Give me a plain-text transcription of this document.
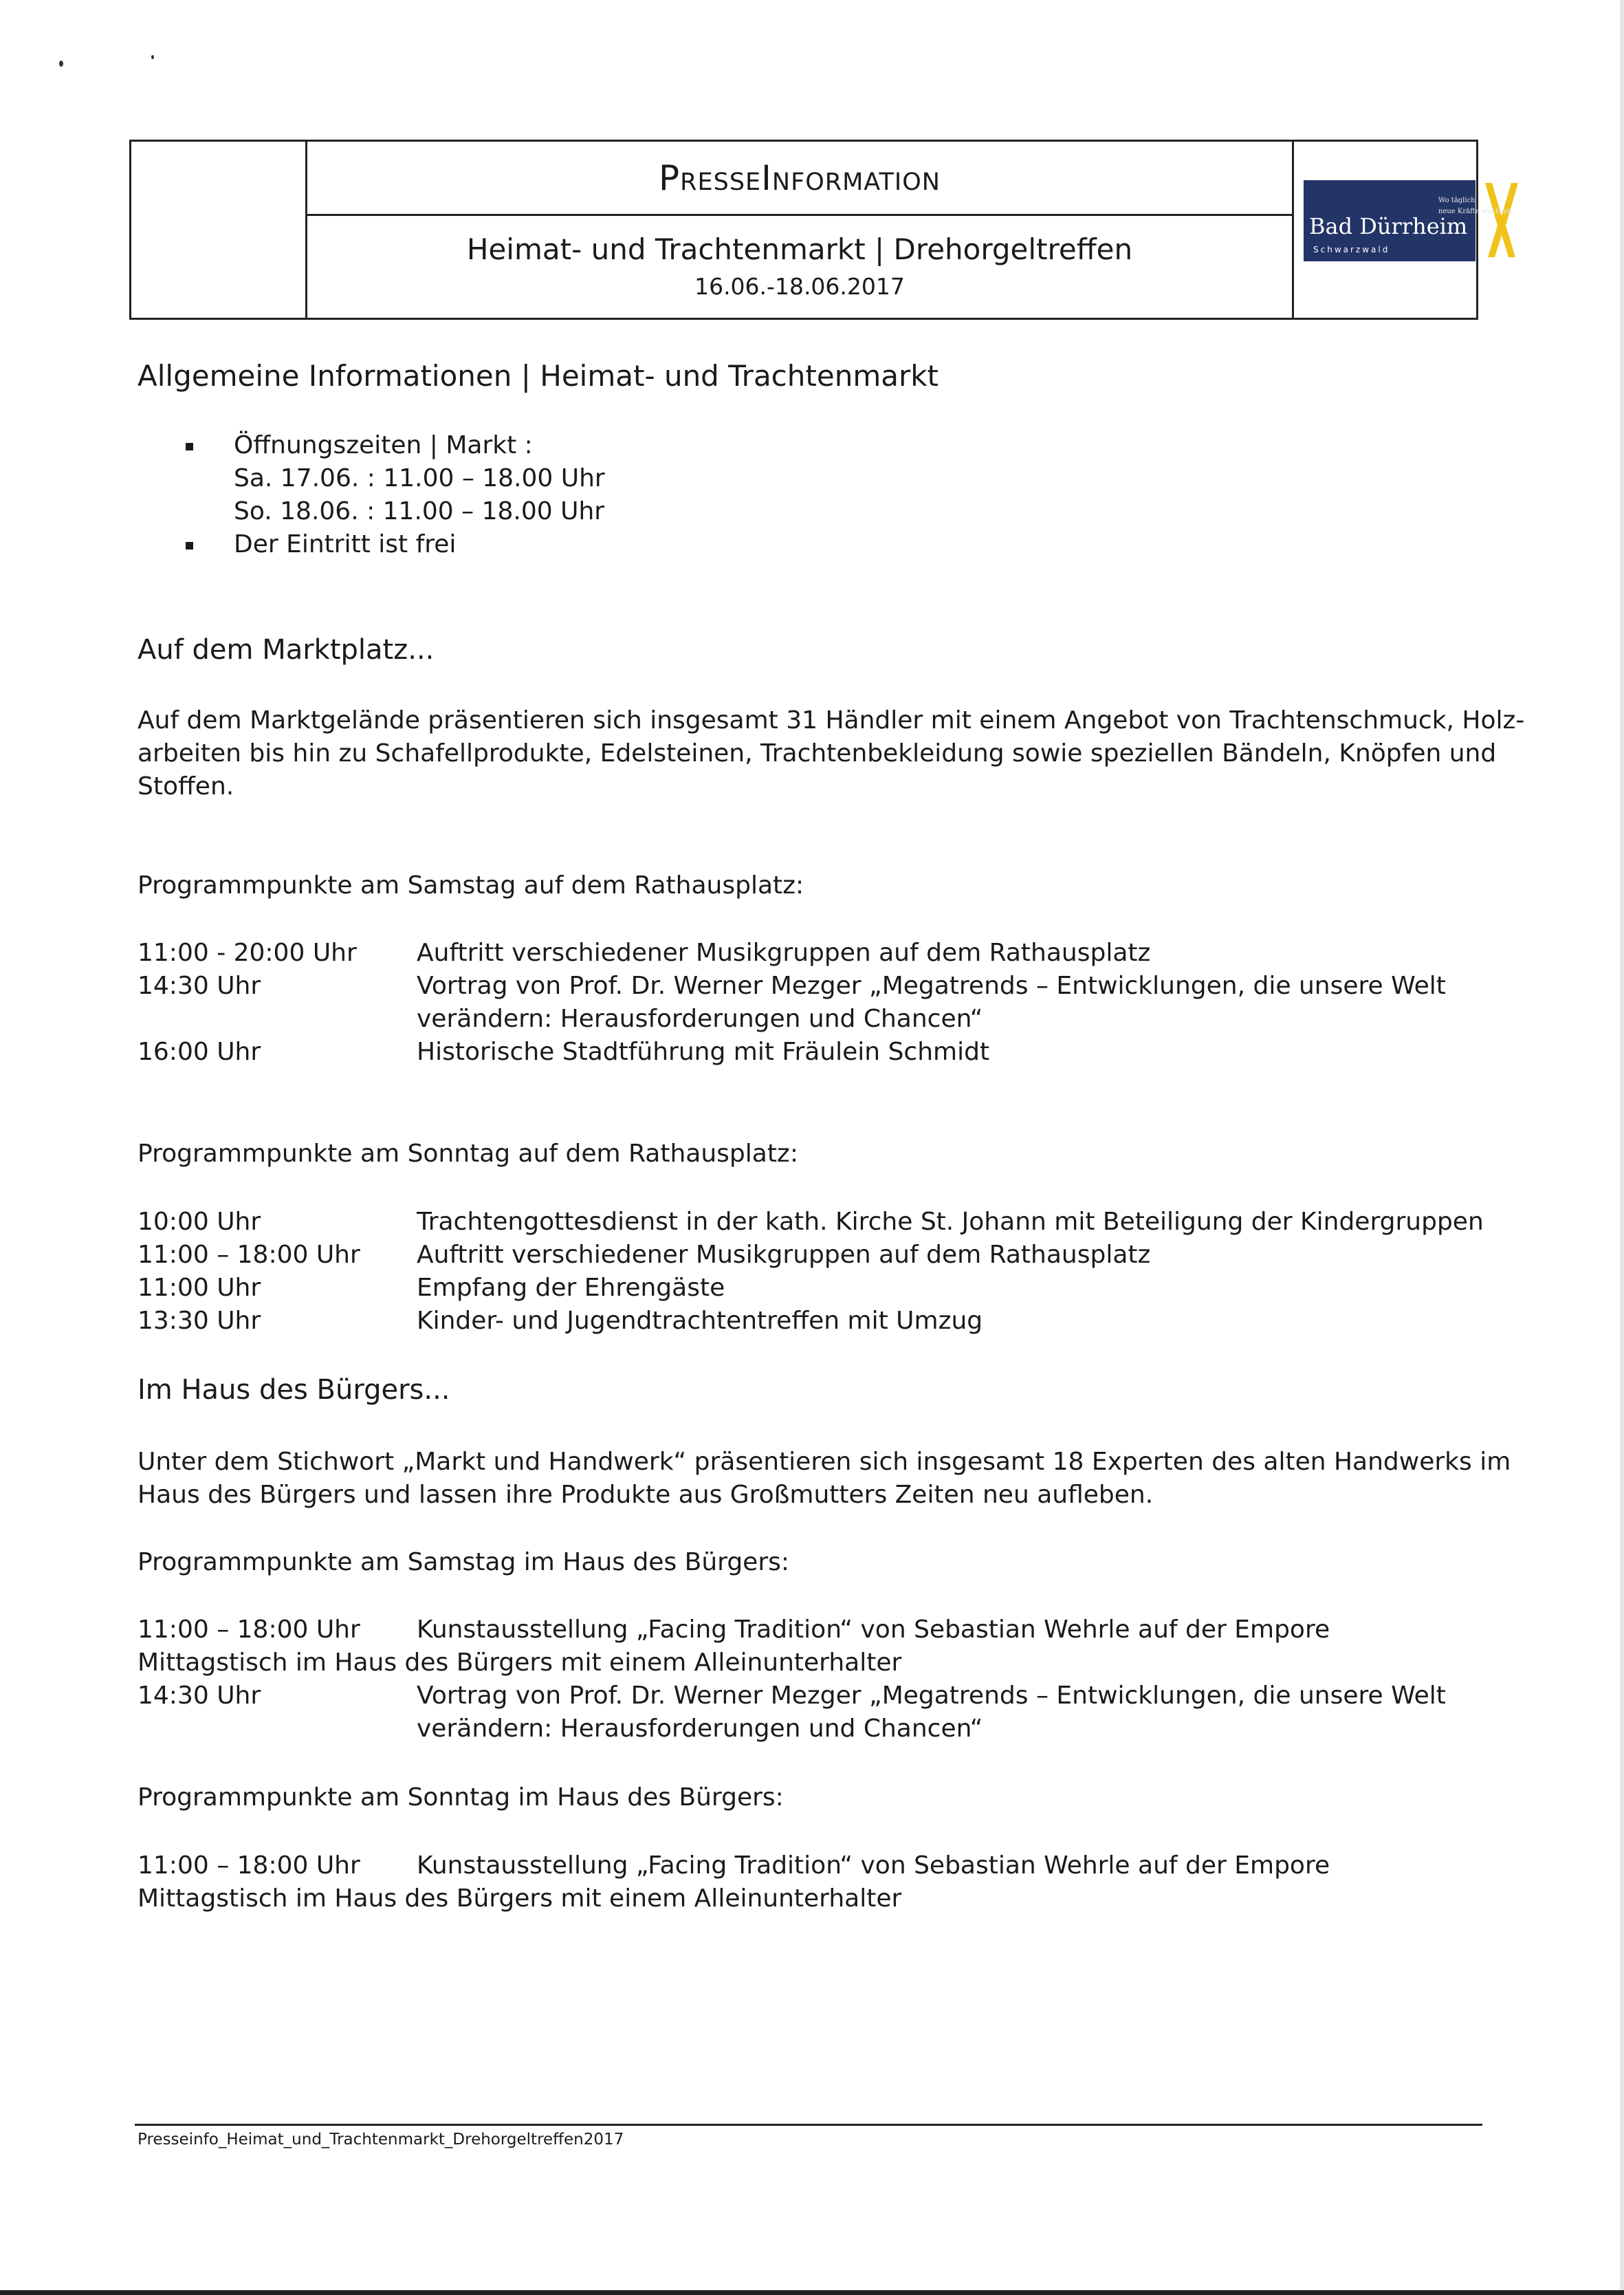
PresseInformation
Heimat- und Trachtenmarkt | Drehorgeltreffen
16.06.-18.06.2017
Bad Dürrheim
Schwarzwald
Wo täglich
neue Kräfte wachsen
Allgemeine Informationen | Heimat- und Trachtenmarkt
Öffnungszeiten | Markt :
Sa. 17.06. : 11.00 – 18.00 Uhr
So. 18.06. : 11.00 – 18.00 Uhr
Der Eintritt ist frei
Auf dem Marktplatz...
Auf dem Marktgelände präsentieren sich insgesamt 31 Händler mit einem Angebot von Trachtenschmuck, Holz-
arbeiten bis hin zu Schafellprodukte, Edelsteinen, Trachtenbekleidung sowie speziellen Bändeln, Knöpfen und
Stoffen.
Programmpunkte am Samstag auf dem Rathausplatz:
11:00 - 20:00 Uhr Auftritt verschiedener Musikgruppen auf dem Rathausplatz
14:30 Uhr	Vortrag von Prof. Dr. Werner Mezger „Megatrends – Entwicklungen, die unsere Welt
verändern: Herausforderungen und Chancen“
16:00 Uhr	Historische Stadtführung mit Fräulein Schmidt
Programmpunkte am Sonntag auf dem Rathausplatz:
10:00 Uhr	Trachtengottesdienst in der kath. Kirche St. Johann mit Beteiligung der Kindergruppen
11:00 – 18:00 Uhr Auftritt verschiedener Musikgruppen auf dem Rathausplatz
11:00 Uhr	Empfang der Ehrengäste
13:30 Uhr	Kinder- und Jugendtrachtentreffen mit Umzug
Im Haus des Bürgers...
Unter dem Stichwort „Markt und Handwerk“ präsentieren sich insgesamt 18 Experten des alten Handwerks im
Haus des Bürgers und lassen ihre Produkte aus Großmutters Zeiten neu aufleben.
Programmpunkte am Samstag im Haus des Bürgers:
11:00 – 18:00 Uhr Kunstausstellung „Facing Tradition“ von Sebastian Wehrle auf der Empore
Mittagstisch im Haus des Bürgers mit einem Alleinunterhalter
14:30 Uhr	Vortrag von Prof. Dr. Werner Mezger „Megatrends – Entwicklungen, die unsere Welt
verändern: Herausforderungen und Chancen“
Programmpunkte am Sonntag im Haus des Bürgers:
11:00 – 18:00 Uhr Kunstausstellung „Facing Tradition“ von Sebastian Wehrle auf der Empore
Mittagstisch im Haus des Bürgers mit einem Alleinunterhalter
Presseinfo_Heimat_und_Trachtenmarkt_Drehorgeltreffen2017
